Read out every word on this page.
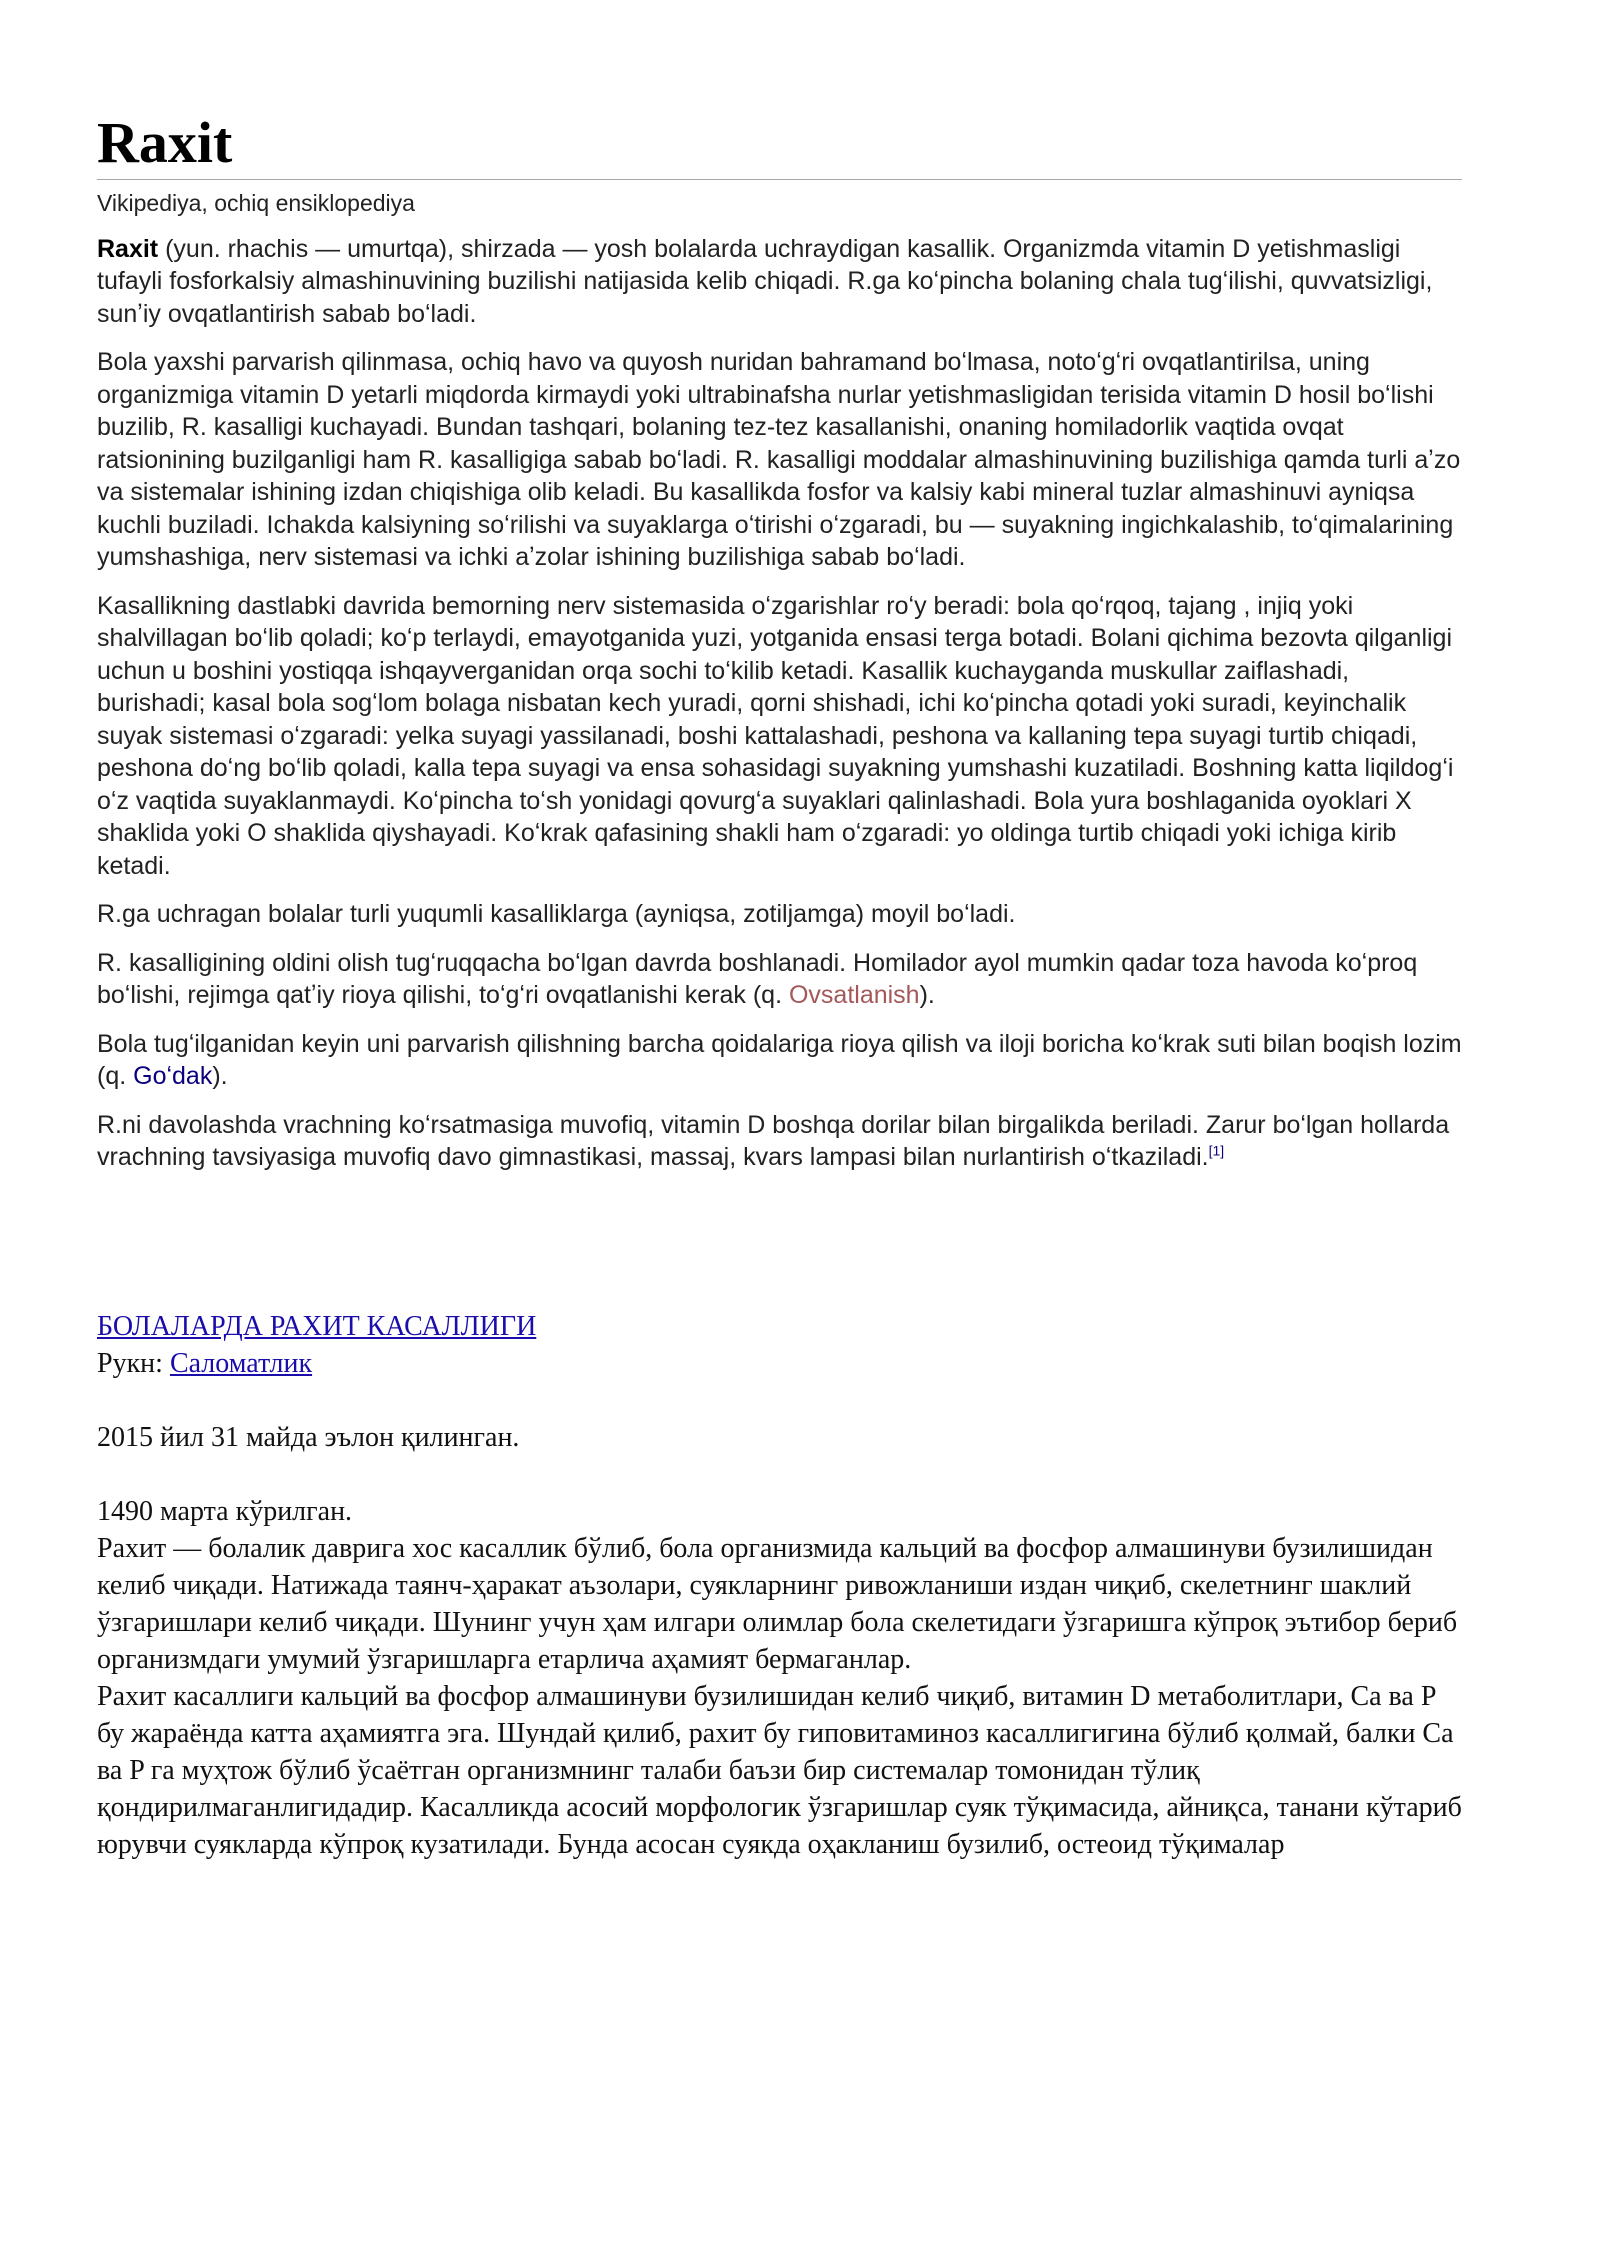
Raxit
Vikipediya, ochiq ensiklopediya

Raxit (yun. rhachis — umurtqa), shirzada — yosh bolalarda uchraydigan kasallik. Organizmda vitamin D yetishmasligi tufayli fosforkalsiy almashinuvining buzilishi natijasida kelib chiqadi. R.ga koʻpincha bolaning chala tugʻilishi, quvvatsizligi, sunʼiy ovqatlantirish sabab boʻladi.

Bola yaxshi parvarish qilinmasa, ochiq havo va quyosh nuridan bahramand boʻlmasa, notoʻgʻri ovqatlantirilsa, uning organizmiga vitamin D yetarli miqdorda kirmaydi yoki ultrabinafsha nurlar yetishmasligidan terisida vitamin D hosil boʻlishi buzilib, R. kasalligi kuchayadi. Bundan tashqari, bolaning tez-tez kasallanishi, onaning homiladorlik vaqtida ovqat ratsionining buzilganligi ham R. kasalligiga sabab boʻladi. R. kasalligi moddalar almashinuvining buzilishiga qamda turli aʼzo va sistemalar ishining izdan chiqishiga olib keladi. Bu kasallikda fosfor va kalsiy kabi mineral tuzlar almashinuvi ayniqsa kuchli buziladi. Ichakda kalsiyning soʻrilishi va suyaklarga oʻtirishi oʻzgaradi, bu — suyakning ingichkalashib, toʻqimalarining yumshashiga, nerv sistemasi va ichki aʼzolar ishining buzilishiga sabab boʻladi.

Kasallikning dastlabki davrida bemorning nerv sistemasida oʻzgarishlar roʻy beradi: bola qoʻrqoq, tajang , injiq yoki shalvillagan boʻlib qoladi; koʻp terlaydi, emayotganida yuzi, yotganida ensasi terga botadi. Bolani qichima bezovta qilganligi uchun u boshini yostiqqa ishqayverganidan orqa sochi toʻkilib ketadi. Kasallik kuchayganda muskullar zaiflashadi, burishadi; kasal bola sogʻlom bolaga nisbatan kech yuradi, qorni shishadi, ichi koʻpincha qotadi yoki suradi, keyinchalik suyak sistemasi oʻzgaradi: yelka suyagi yassilanadi, boshi kattalashadi, peshona va kallaning tepa suyagi turtib chiqadi, peshona doʻng boʻlib qoladi, kalla tepa suyagi va ensa sohasidagi suyakning yumshashi kuzatiladi. Boshning katta liqildogʻi oʻz vaqtida suyaklanmaydi. Koʻpincha toʻsh yonidagi qovurgʻa suyaklari qalinlashadi. Bola yura boshlaganida oyoklari X shaklida yoki O shaklida qiyshayadi. Koʻkrak qafasining shakli ham oʻzgaradi: yo oldinga turtib chiqadi yoki ichiga kirib ketadi.

R.ga uchragan bolalar turli yuqumli kasalliklarga (ayniqsa, zotiljamga) moyil boʻladi.

R. kasalligining oldini olish tugʻruqqacha boʻlgan davrda boshlanadi. Homilador ayol mumkin qadar toza havoda koʻproq boʻlishi, rejimga qatʼiy rioya qilishi, toʻgʻri ovqatlanishi kerak (q. Ovsatlanish).

Bola tugʻilganidan keyin uni parvarish qilishning barcha qoidalariga rioya qilish va iloji boricha koʻkrak suti bilan boqish lozim (q. Goʻdak).

R.ni davolashda vrachning koʻrsatmasiga muvofiq, vitamin D boshqa dorilar bilan birgalikda beriladi. Zarur boʻlgan hollarda vrachning tavsiyasiga muvofiq davo gimnastikasi, massaj, kvars lampasi bilan nurlantirish oʻtkaziladi.[1]

БОЛАЛАРДА РАХИТ КАСАЛЛИГИ

Рукн: Саломатлик

2015 йил 31 майда эълон қилинган.

1490 марта кўрилган.

Рахит — болалик даврига хос касаллик бўлиб, бола организмида кальций ва фосфор алмашинуви бузилишидан келиб чиқади. Натижада таянч-ҳаракат аъзолари, суякларнинг ривожланиши издан чиқиб, скелетнинг шаклий ўзгаришлари келиб чиқади. Шунинг учун ҳам илгари олимлар бола скелетидаги ўзгаришга кўпроқ эътибор бериб организмдаги умумий ўзгаришларга етарлича аҳамият бермаганлар.

Рахит касаллиги кальций ва фосфор алмашинуви бузилишидан келиб чиқиб, витамин D метаболитлари, Ca ва P бу жараёнда катта аҳамиятга эга. Шундай қилиб, рахит бу гиповитаминоз касаллигигина бўлиб қолмай, балки Ca ва P га муҳтож бўлиб ўсаётган организмнинг талаби баъзи бир системалар томонидан тўлиқ қондирилмаганлигидадир. Касалликда асосий морфологик ўзгаришлар суяк тўқимасида, айниқса, танани кўтариб юрувчи суякларда кўпроқ кузатилади. Бунда асосан суякда оҳакланиш бузилиб, остеоид тўқималар
